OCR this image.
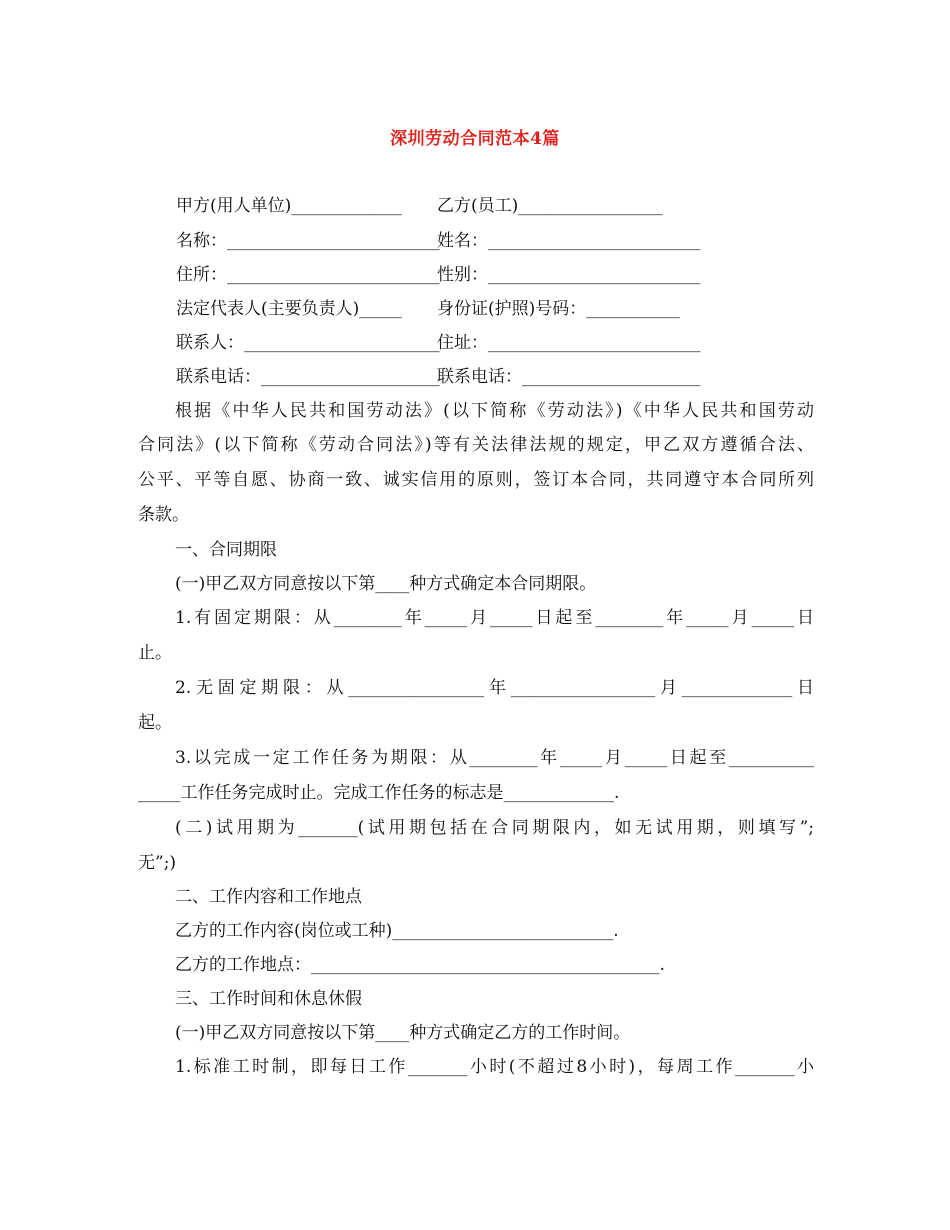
深圳劳动合同范本4篇
甲方(用人单位)_____________ 乙方(员工)_________________
名称：_________________________
姓名：_________________________
住所：_________________________
性别：_________________________
法定代表人(主要负责人)_____ 身份证(护照)号码：___________
联系人：_______________________
住址：_________________________
联系电话：_____________________
联系电话：_____________________
根据《中华人民共和国劳动法》(以下简称《劳动法》)《中华人民共和国劳动
合同法》(以下简称《劳动合同法》)等有关法律法规的规定，甲乙双方遵循合法、
公平、平等自愿、协商一致、诚实信用的原则，签订本合同，共同遵守本合同所列
条款。
一、合同期限
(一)甲乙双方同意按以下第____种方式确定本合同期限。
1.有固定期限：从________年_____月_____日起至________年_____月_____日
止。
2.无固定期限：从________________年_________________月_____________日
起。
3.以完成一定工作任务为期限：从________年_____月_____日起至__________
_____工作任务完成时止。完成工作任务的标志是_____________.
(二)试用期为_______(试用期包括在合同期限内，如无试用期，则填写”;
无”;)
二、工作内容和工作地点
乙方的工作内容(岗位或工种)__________________________.
乙方的工作地点：_________________________________________.
三、工作时间和休息休假
(一)甲乙双方同意按以下第____种方式确定乙方的工作时间。
1.标准工时制，即每日工作_______小时(不超过8小时)，每周工作_______小
